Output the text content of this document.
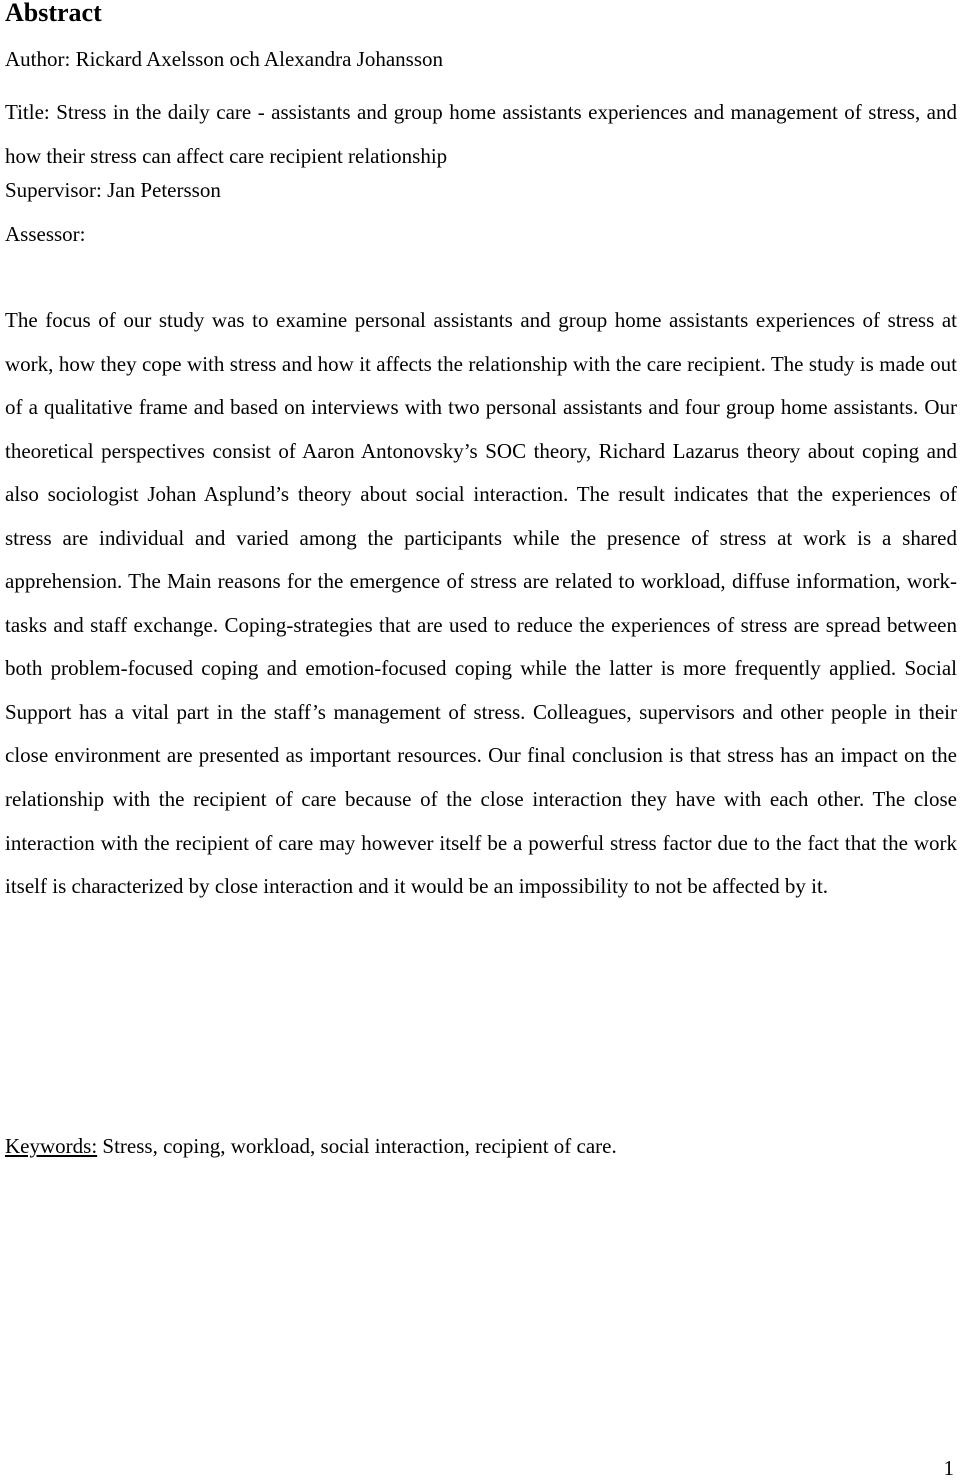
Abstract

Author: Rickard Axelsson och Alexandra Johansson

Title: Stress in the daily care - assistants and group home assistants experiences and management of stress, and how their stress can affect care recipient relationship

Supervisor: Jan Petersson

Assessor:

The focus of our study was to examine personal assistants and group home assistants experiences of stress at work, how they cope with stress and how it affects the relationship with the care recipient. The study is made out of a qualitative frame and based on interviews with two personal assistants and four group home assistants. Our theoretical perspectives consist of Aaron Antonovsky’s SOC theory, Richard Lazarus theory about coping and also sociologist Johan Asplund’s theory about social interaction. The result indicates that the experiences of stress are individual and varied among the participants while the presence of stress at work is a shared apprehension. The Main reasons for the emergence of stress are related to workload, diffuse information, work-tasks and staff exchange. Coping-strategies that are used to reduce the experiences of stress are spread between both problem-focused coping and emotion-focused coping while the latter is more frequently applied. Social Support has a vital part in the staff’s management of stress. Colleagues, supervisors and other people in their close environment are presented as important resources. Our final conclusion is that stress has an impact on the relationship with the recipient of care because of the close interaction they have with each other. The close interaction with the recipient of care may however itself be a powerful stress factor due to the fact that the work itself is characterized by close interaction and it would be an impossibility to not be affected by it.

Keywords: Stress, coping, workload, social interaction, recipient of care.

1
